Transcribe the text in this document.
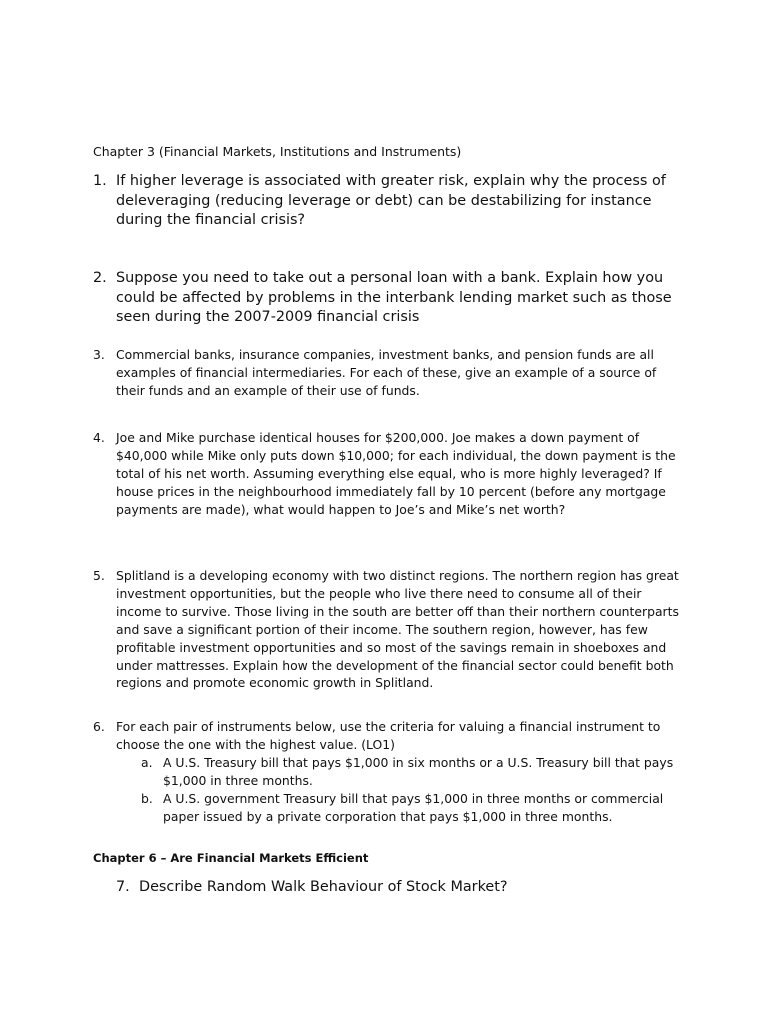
Chapter 3 (Financial Markets, Institutions and Instruments)
1. If higher leverage is associated with greater risk, explain why the process of deleveraging (reducing leverage or debt) can be destabilizing for instance during the financial crisis?
2. Suppose you need to take out a personal loan with a bank. Explain how you could be affected by problems in the interbank lending market such as those seen during the 2007-2009 financial crisis
3. Commercial banks, insurance companies, investment banks, and pension funds are all examples of financial intermediaries. For each of these, give an example of a source of their funds and an example of their use of funds.
4. Joe and Mike purchase identical houses for $200,000. Joe makes a down payment of $40,000 while Mike only puts down $10,000; for each individual, the down payment is the total of his net worth. Assuming everything else equal, who is more highly leveraged? If house prices in the neighbourhood immediately fall by 10 percent (before any mortgage payments are made), what would happen to Joe’s and Mike’s net worth?
5. Splitland is a developing economy with two distinct regions. The northern region has great investment opportunities, but the people who live there need to consume all of their income to survive. Those living in the south are better off than their northern counterparts and save a significant portion of their income. The southern region, however, has few profitable investment opportunities and so most of the savings remain in shoeboxes and under mattresses. Explain how the development of the financial sector could benefit both regions and promote economic growth in Splitland.
6. For each pair of instruments below, use the criteria for valuing a financial instrument to choose the one with the highest value. (LO1)
a. A U.S. Treasury bill that pays $1,000 in six months or a U.S. Treasury bill that pays $1,000 in three months.
b. A U.S. government Treasury bill that pays $1,000 in three months or commercial paper issued by a private corporation that pays $1,000 in three months.
Chapter 6 – Are Financial Markets Efficient
7. Describe Random Walk Behaviour of Stock Market?
